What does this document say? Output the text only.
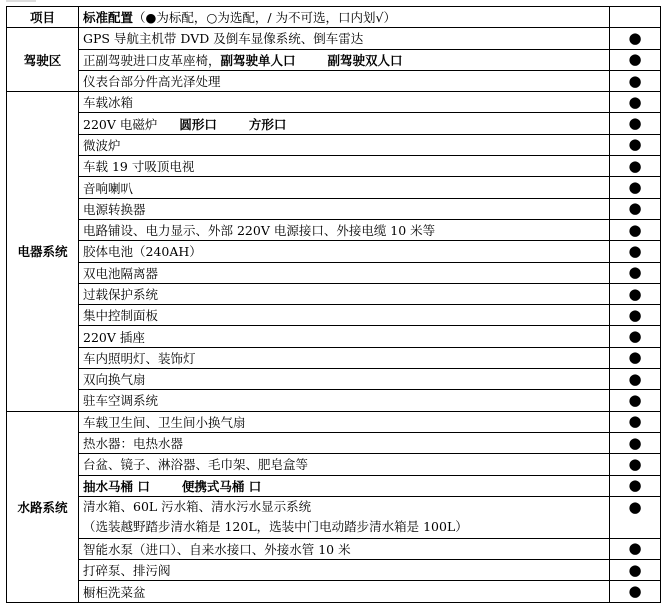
项目	标准配置（●为标配，○为选配，/ 为不可选，口内划√）	
驾驶区	GPS 导航主机带 DVD 及倒车显像系统、倒车雷达	●
	正副驾驶进口皮革座椅，副驾驶单人口 副驾驶双人口	●
	仪表台部分件高光泽处理	●
电器系统	车载冰箱	●
	220V 电磁炉 圆形口 方形口	●
	微波炉	●
	车载 19 寸吸顶电视	●
	音响喇叭	●
	电源转换器	●
	电路铺设、电力显示、外部 220V 电源接口、外接电缆 10 米等	●
	胶体电池（240AH）	●
	双电池隔离器	●
	过载保护系统	●
	集中控制面板	●
	220V 插座	●
	车内照明灯、装饰灯	●
	双向换气扇	●
	驻车空调系统	●
水路系统	车载卫生间、卫生间小换气扇	●
	热水器：电热水器	●
	台盆、镜子、淋浴器、毛巾架、肥皂盒等	●
	抽水马桶 口 便携式马桶 口	●

	清水箱、60L 污水箱、清水污水显示系统
（选装越野踏步清水箱是 120L，选装中门电动踏步清水箱是 100L）	●
	智能水泵（进口）、自来水接口、外接水管 10 米	●
	打碎泵、排污阀	●
	橱柜洗菜盆	●
